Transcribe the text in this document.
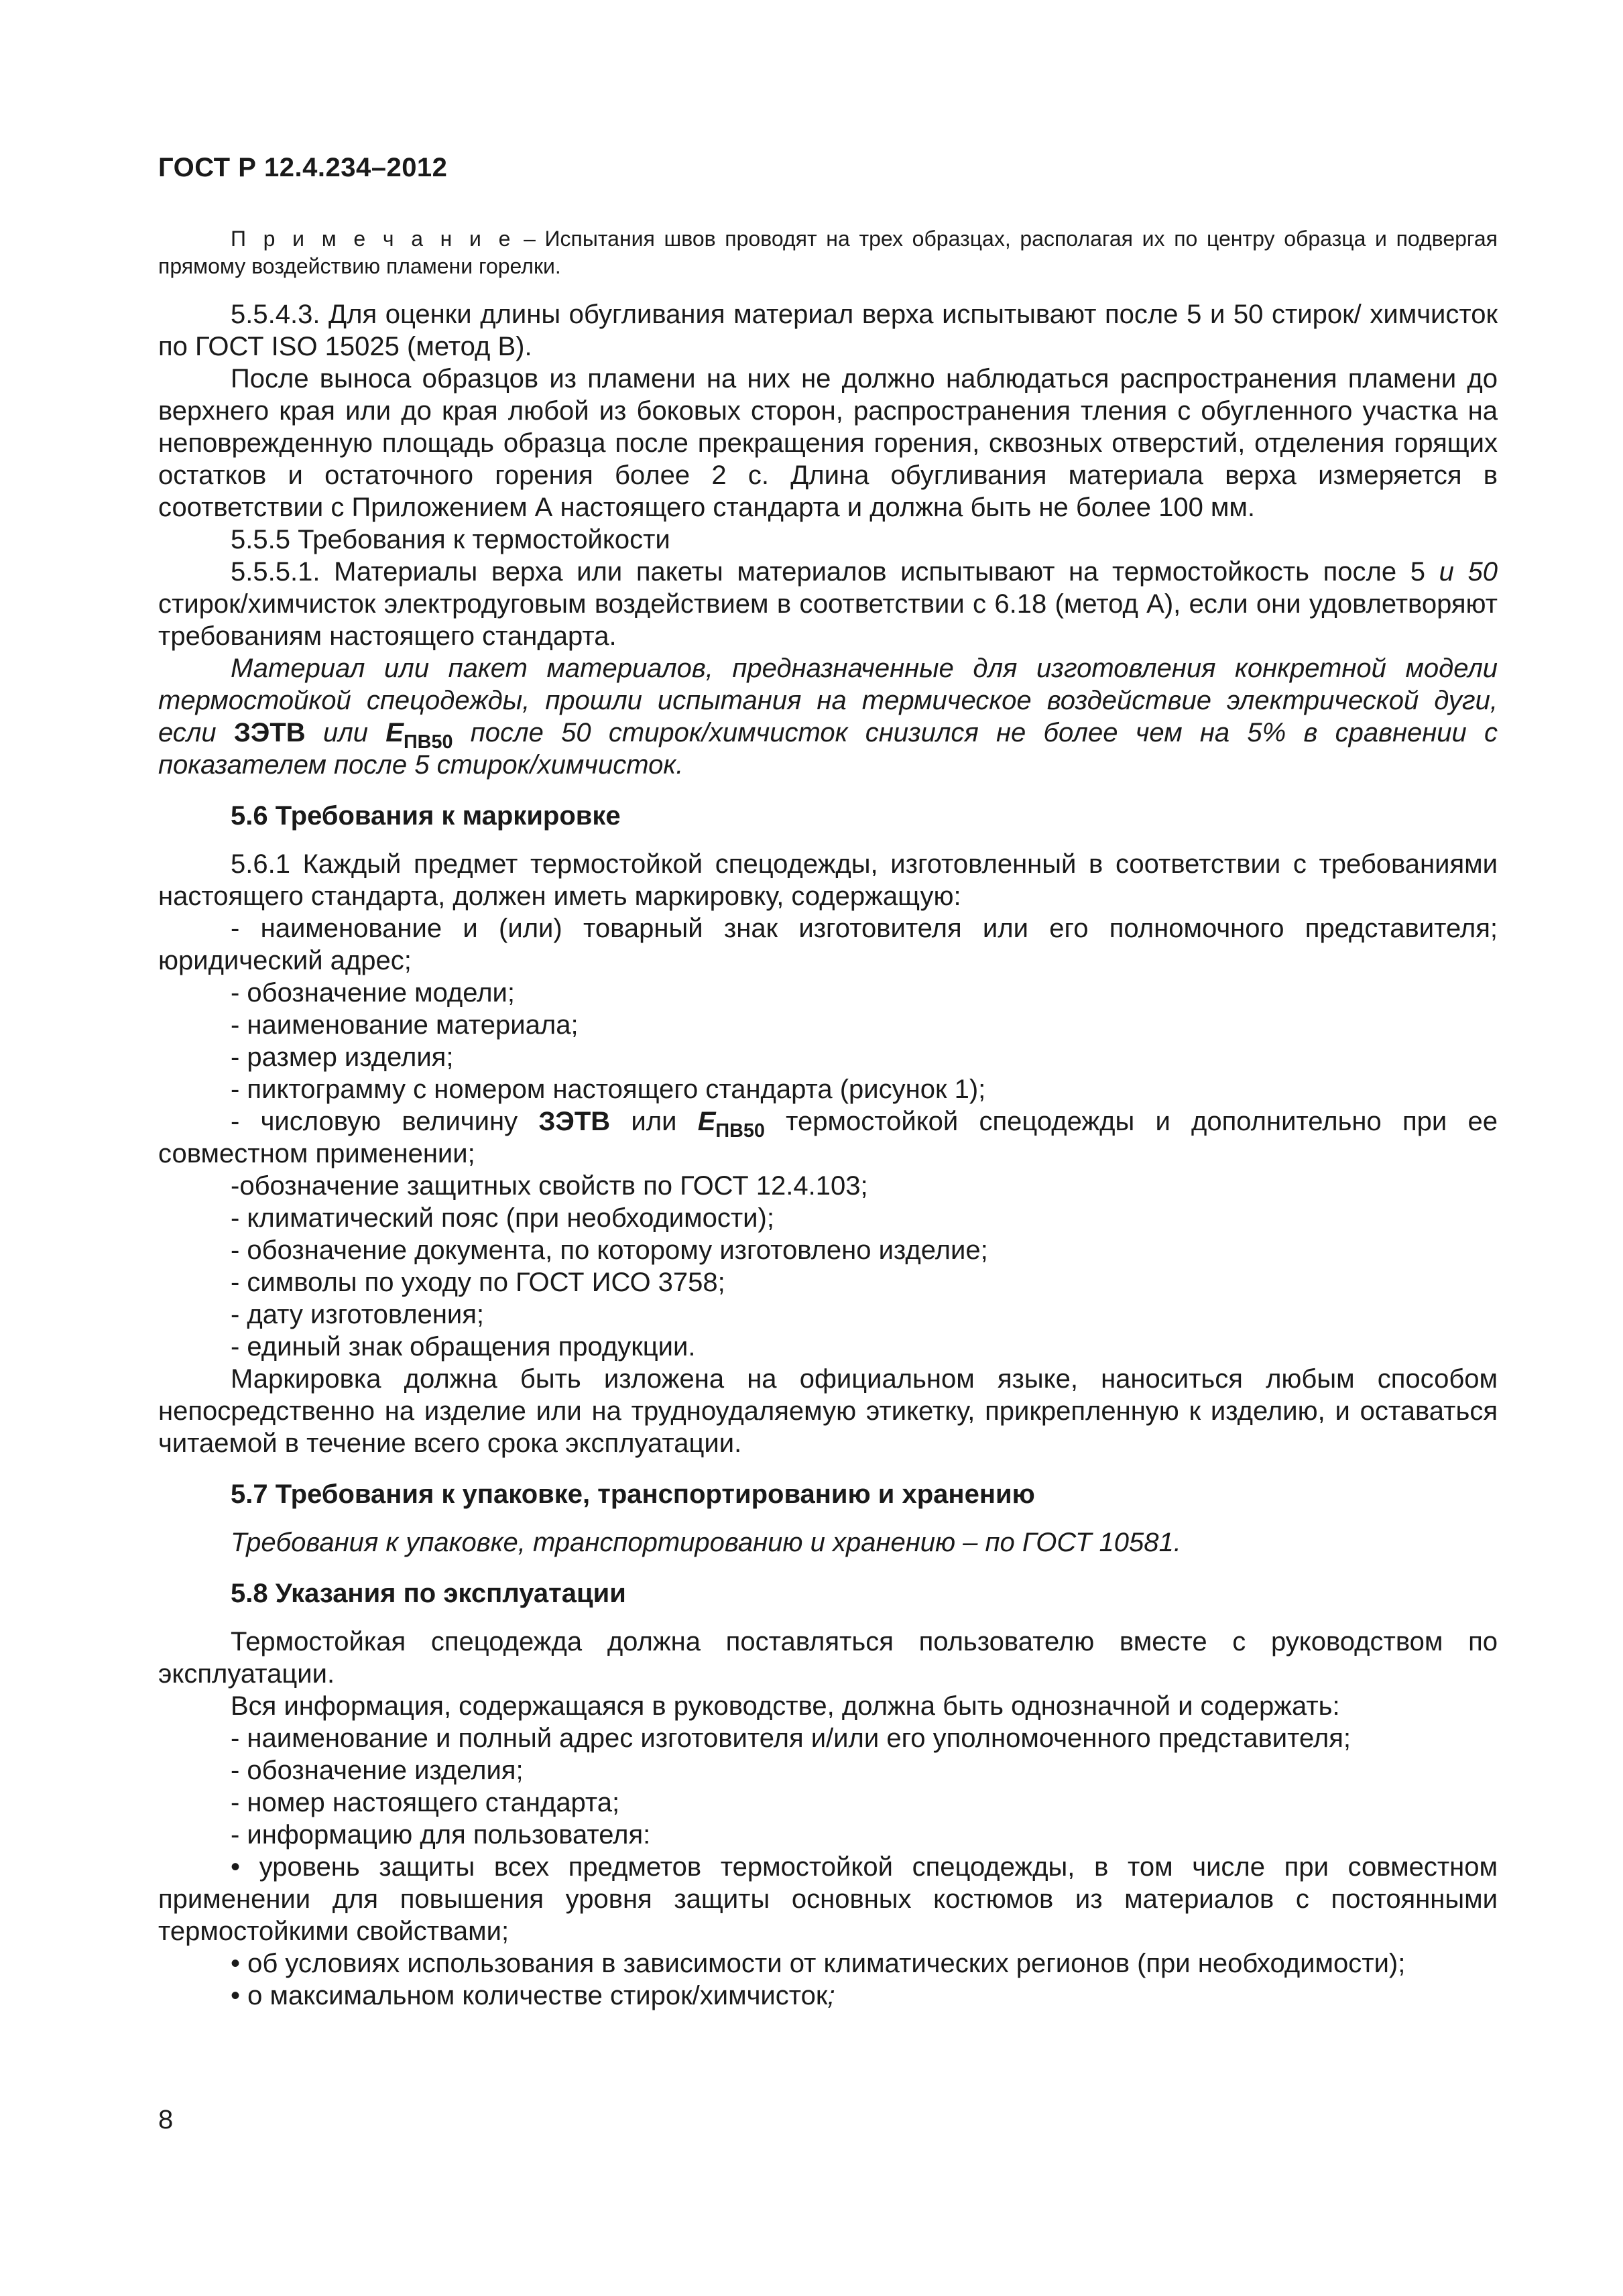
ГОСТ Р 12.4.234–2012

П р и м е ч а н и е – Испытания швов проводят на трех образцах, располагая их по центру образца и подвергая прямому воздействию пламени горелки.

5.5.4.3. Для оценки длины обугливания материал верха испытывают после 5 и 50 стирок/ химчисток по ГОСТ ISO 15025 (метод В).

После выноса образцов из пламени на них не должно наблюдаться распространения пламени до верхнего края или до края любой из боковых сторон, распространения тления с обугленного участка на неповрежденную площадь образца после прекращения горения, сквозных отверстий, отделения горящих остатков и остаточного горения более 2 с. Длина обугливания материала верха измеряется в соответствии с Приложением А настоящего стандарта и должна быть не более 100 мм.

5.5.5 Требования к термостойкости

5.5.5.1. Материалы верха или пакеты материалов испытывают на термостойкость после 5 и 50 стирок/химчисток электродуговым воздействием в соответствии с 6.18 (метод А), если они удовлетворяют требованиям настоящего стандарта.

Материал или пакет материалов, предназначенные для изготовления конкретной модели термостойкой спецодежды, прошли испытания на термическое воздействие электрической дуги, если ЗЭТВ или $E_{ПВ50}$ после 50 стирок/химчисток снизился не более чем на 5% в сравнении с показателем после 5 стирок/химчисток.

5.6 Требования к маркировке

5.6.1 Каждый предмет термостойкой спецодежды, изготовленный в соответствии с требованиями настоящего стандарта, должен иметь маркировку, содержащую:

- наименование и (или) товарный знак изготовителя или его полномочного представителя; юридический адрес;

- обозначение модели;

- наименование материала;

- размер изделия;

- пиктограмму с номером настоящего стандарта (рисунок 1);

- числовую величину ЗЭТВ или $E_{ПВ50}$ термостойкой спецодежды и дополнительно при ее совместном применении;

-обозначение защитных свойств по ГОСТ 12.4.103;

- климатический пояс (при необходимости);

- обозначение документа, по которому изготовлено изделие;

- символы по уходу по ГОСТ ИСО 3758;

- дату изготовления;

- единый знак обращения продукции.

Маркировка должна быть изложена на официальном языке, наноситься любым способом непосредственно на изделие или на трудноудаляемую этикетку, прикрепленную к изделию, и оставаться читаемой в течение всего срока эксплуатации.

5.7 Требования к упаковке, транспортированию и хранению

Требования к упаковке, транспортированию и хранению – по ГОСТ 10581.

5.8 Указания по эксплуатации

Термостойкая спецодежда должна поставляться пользователю вместе с руководством по эксплуатации.

Вся информация, содержащаяся в руководстве, должна быть однозначной и содержать:

- наименование и полный адрес изготовителя и/или его уполномоченного представителя;

- обозначение изделия;

- номер настоящего стандарта;

- информацию для пользователя:

• уровень защиты всех предметов термостойкой спецодежды, в том числе при совместном применении для повышения уровня защиты основных костюмов из материалов с постоянными термостойкими свойствами;

• об условиях использования в зависимости от климатических регионов (при необходимости);

• о максимальном количестве стирок/химчисток;

8
